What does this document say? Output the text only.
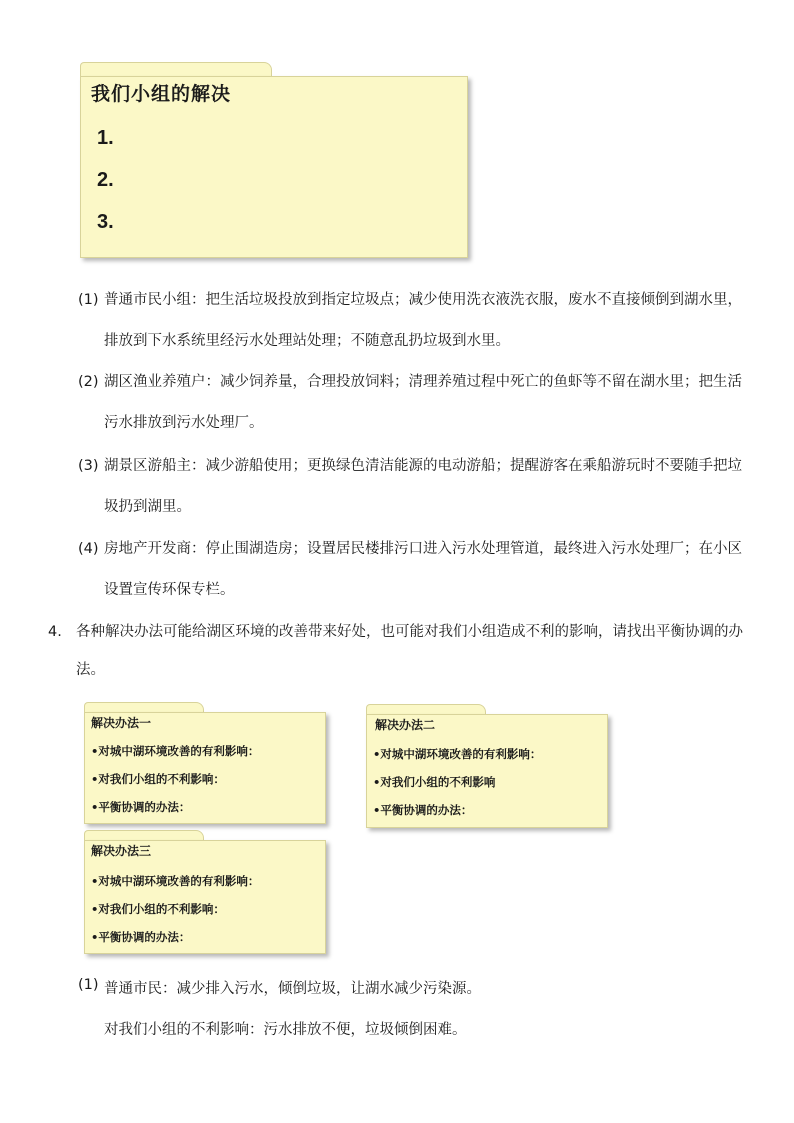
我们小组的解决
1.
2.
3.
(1) 普通市民小组：把生活垃圾投放到指定垃圾点；减少使用洗衣液洗衣服，废水不直接倾倒到湖水里，排放到下水系统里经污水处理站处理；不随意乱扔垃圾到水里。
(2) 湖区渔业养殖户：减少饲养量，合理投放饲料；清理养殖过程中死亡的鱼虾等不留在湖水里；把生活污水排放到污水处理厂。
(3) 湖景区游船主：减少游船使用；更换绿色清洁能源的电动游船；提醒游客在乘船游玩时不要随手把垃圾扔到湖里。
(4) 房地产开发商：停止围湖造房；设置居民楼排污口进入污水处理管道，最终进入污水处理厂；在小区设置宣传环保专栏。
4. 各种解决办法可能给湖区环境的改善带来好处，也可能对我们小组造成不利的影响，请找出平衡协调的办法。
解决办法一
•对城中湖环境改善的有利影响：
•对我们小组的不利影响：
•平衡协调的办法：
解决办法二
•对城中湖环境改善的有利影响：
•对我们小组的不利影响
•平衡协调的办法：
解决办法三
•对城中湖环境改善的有利影响：
•对我们小组的不利影响：
•平衡协调的办法：
(1) 普通市民：减少排入污水，倾倒垃圾，让湖水减少污染源。
对我们小组的不利影响：污水排放不便，垃圾倾倒困难。
